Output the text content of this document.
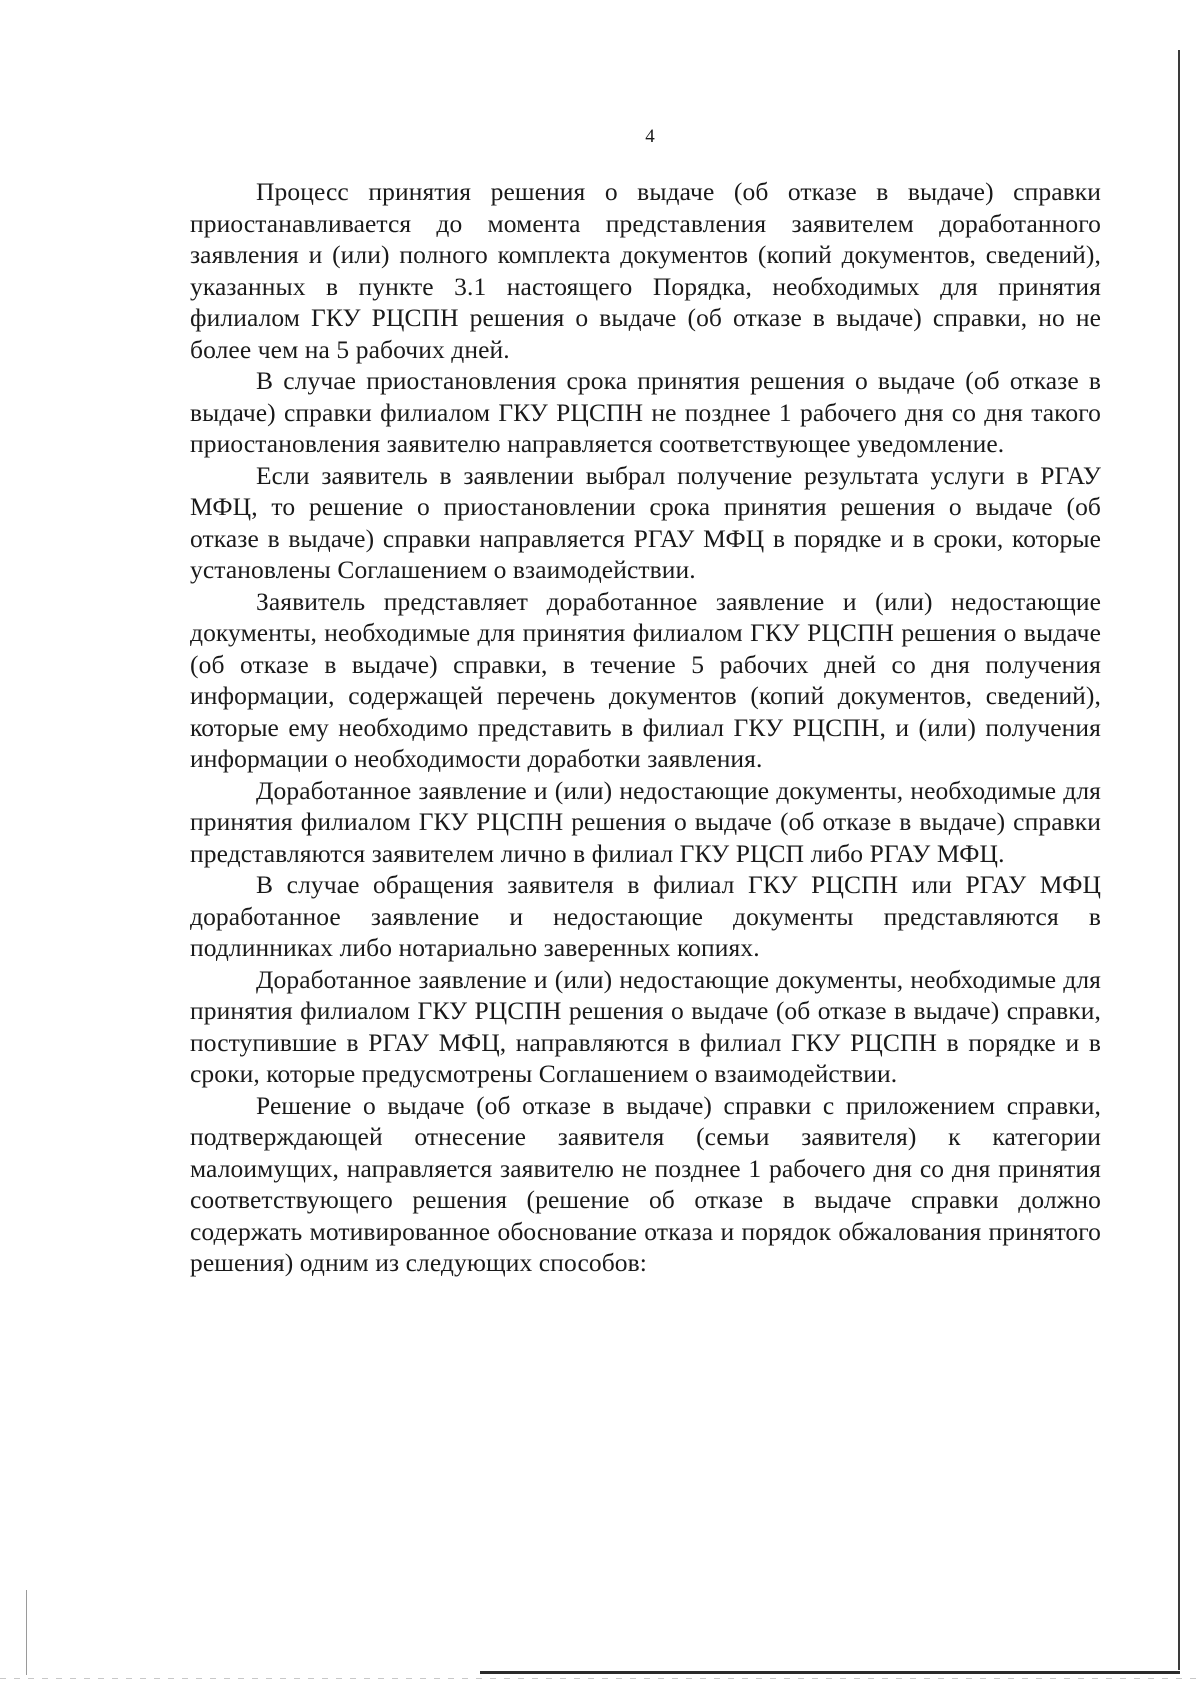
4

Процесс принятия решения о выдаче (об отказе в выдаче) справки приостанавливается до момента представления заявителем доработанного заявления и (или) полного комплекта документов (копий документов, сведений), указанных в пункте 3.1 настоящего Порядка, необходимых для принятия филиалом ГКУ РЦСПН решения о выдаче (об отказе в выдаче) справки, но не более чем на 5 рабочих дней.

В случае приостановления срока принятия решения о выдаче (об отказе в выдаче) справки филиалом ГКУ РЦСПН не позднее 1 рабочего дня со дня такого приостановления заявителю направляется соответствующее уведомление.

Если заявитель в заявлении выбрал получение результата услуги в РГАУ МФЦ, то решение о приостановлении срока принятия решения о выдаче (об отказе в выдаче) справки направляется РГАУ МФЦ в порядке и в сроки, которые установлены Соглашением о взаимодействии.

Заявитель представляет доработанное заявление и (или) недостающие документы, необходимые для принятия филиалом ГКУ РЦСПН решения о выдаче (об отказе в выдаче) справки, в течение 5 рабочих дней со дня получения информации, содержащей перечень документов (копий документов, сведений), которые ему необходимо представить в филиал ГКУ РЦСПН, и (или) получения информации о необходимости доработки заявления.

Доработанное заявление и (или) недостающие документы, необходимые для принятия филиалом ГКУ РЦСПН решения о выдаче (об отказе в выдаче) справки представляются заявителем лично в филиал ГКУ РЦСП либо РГАУ МФЦ.

В случае обращения заявителя в филиал ГКУ РЦСПН или РГАУ МФЦ доработанное заявление и недостающие документы представляются в подлинниках либо нотариально заверенных копиях.

Доработанное заявление и (или) недостающие документы, необходимые для принятия филиалом ГКУ РЦСПН решения о выдаче (об отказе в выдаче) справки, поступившие в РГАУ МФЦ, направляются в филиал ГКУ РЦСПН в порядке и в сроки, которые предусмотрены Соглашением о взаимодействии.

Решение о выдаче (об отказе в выдаче) справки с приложением справки, подтверждающей отнесение заявителя (семьи заявителя) к категории малоимущих, направляется заявителю не позднее 1 рабочего дня со дня принятия соответствующего решения (решение об отказе в выдаче справки должно содержать мотивированное обоснование отказа и порядок обжалования принятого решения) одним из следующих способов:
